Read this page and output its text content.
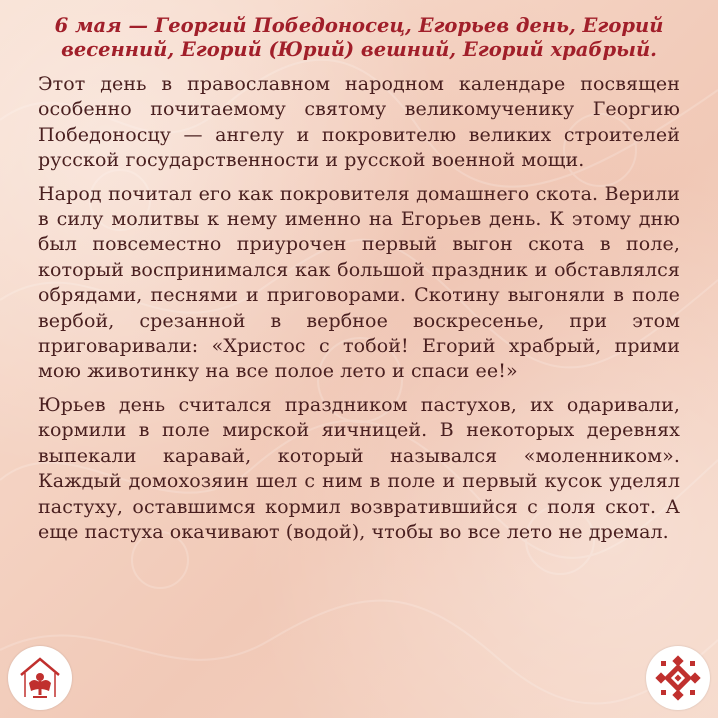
6 мая — Георгий Победоносец, Егорьев день, Егорий весенний, Егорий (Юрий) вешний, Егорий храбрый.

Этот день в православном народном календаре посвящен особенно почитаемому святому великомученику Георгию Победоносцу — ангелу и покровителю великих строителей русской государственности и русской военной мощи.

Народ почитал его как покровителя домашнего скота. Верили в силу молитвы к нему именно на Егорьев день. К этому дню был повсеместно приурочен первый выгон скота в поле, который воспринимался как большой праздник и обставлялся обрядами, песнями и приговорами. Скотину выгоняли в поле вербой, срезанной в вербное воскресенье, при этом приговаривали: «Христос с тобой! Егорий храбрый, прими мою животинку на все полое лето и спаси ее!»

Юрьев день считался праздником пастухов, их одаривали, кормили в поле мирской яичницей. В некоторых деревнях выпекали каравай, который назывался «моленником». Каждый домохозяин шел с ним в поле и первый кусок уделял пастуху, оставшимся кормил возвратившийся с поля скот. А еще пастуха окачивают (водой), чтобы во все лето не дремал.
